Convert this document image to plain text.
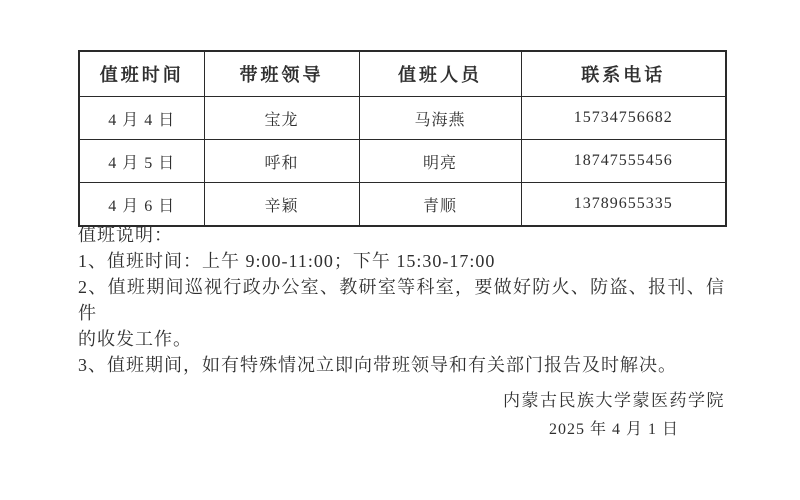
值班时间	带班领导	值班人员	联系电话
4 月 4 日	宝龙	马海燕	15734756682
4 月 5 日	呼和	明亮	18747555456
4 月 6 日	辛颖	青顺	13789655335

值班说明：

1、值班时间：上午 9:00-11:00；下午 15:30-17:00

2、值班期间巡视行政办公室、教研室等科室，要做好防火、防盗、报刊、信件

的收发工作。

3、值班期间，如有特殊情况立即向带班领导和有关部门报告及时解决。

内蒙古民族大学蒙医药学院

2025 年 4 月 1 日
